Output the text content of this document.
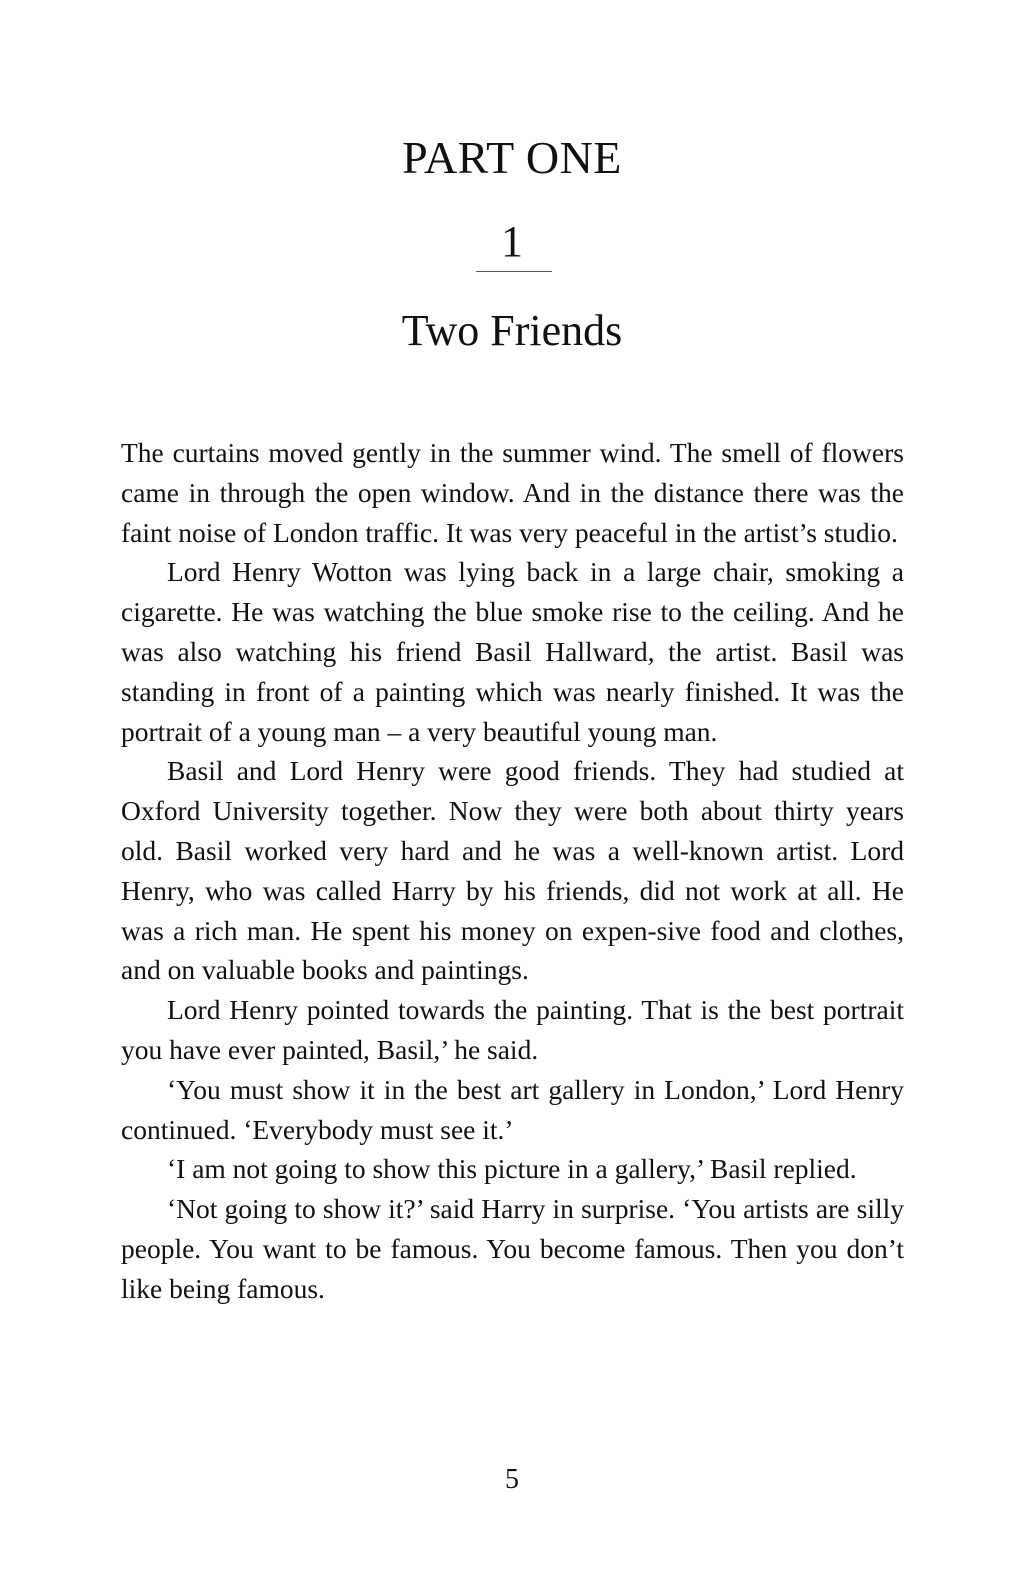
PART ONE
1
Two Friends

The curtains moved gently in the summer wind. The smell of flowers came in through the open window. And in the distance there was the faint noise of London traffic. It was very peaceful in the artist’s studio.

Lord Henry Wotton was lying back in a large chair, smoking a cigarette. He was watching the blue smoke rise to the ceiling. And he was also watching his friend Basil Hallward, the artist. Basil was standing in front of a painting which was nearly finished. It was the portrait of a young man – a very beautiful young man.

Basil and Lord Henry were good friends. They had studied at Oxford University together. Now they were both about thirty years old. Basil worked very hard and he was a well-known artist. Lord Henry, who was called Harry by his friends, did not work at all. He was a rich man. He spent his money on expen-sive food and clothes, and on valuable books and paintings.

Lord Henry pointed towards the painting. That is the best portrait you have ever painted, Basil,’ he said.

‘You must show it in the best art gallery in London,’ Lord Henry continued. ‘Everybody must see it.’

‘I am not going to show this picture in a gallery,’ Basil replied.

‘Not going to show it?’ said Harry in surprise. ‘You artists are silly people. You want to be famous. You become famous. Then you don’t like being famous.

5
